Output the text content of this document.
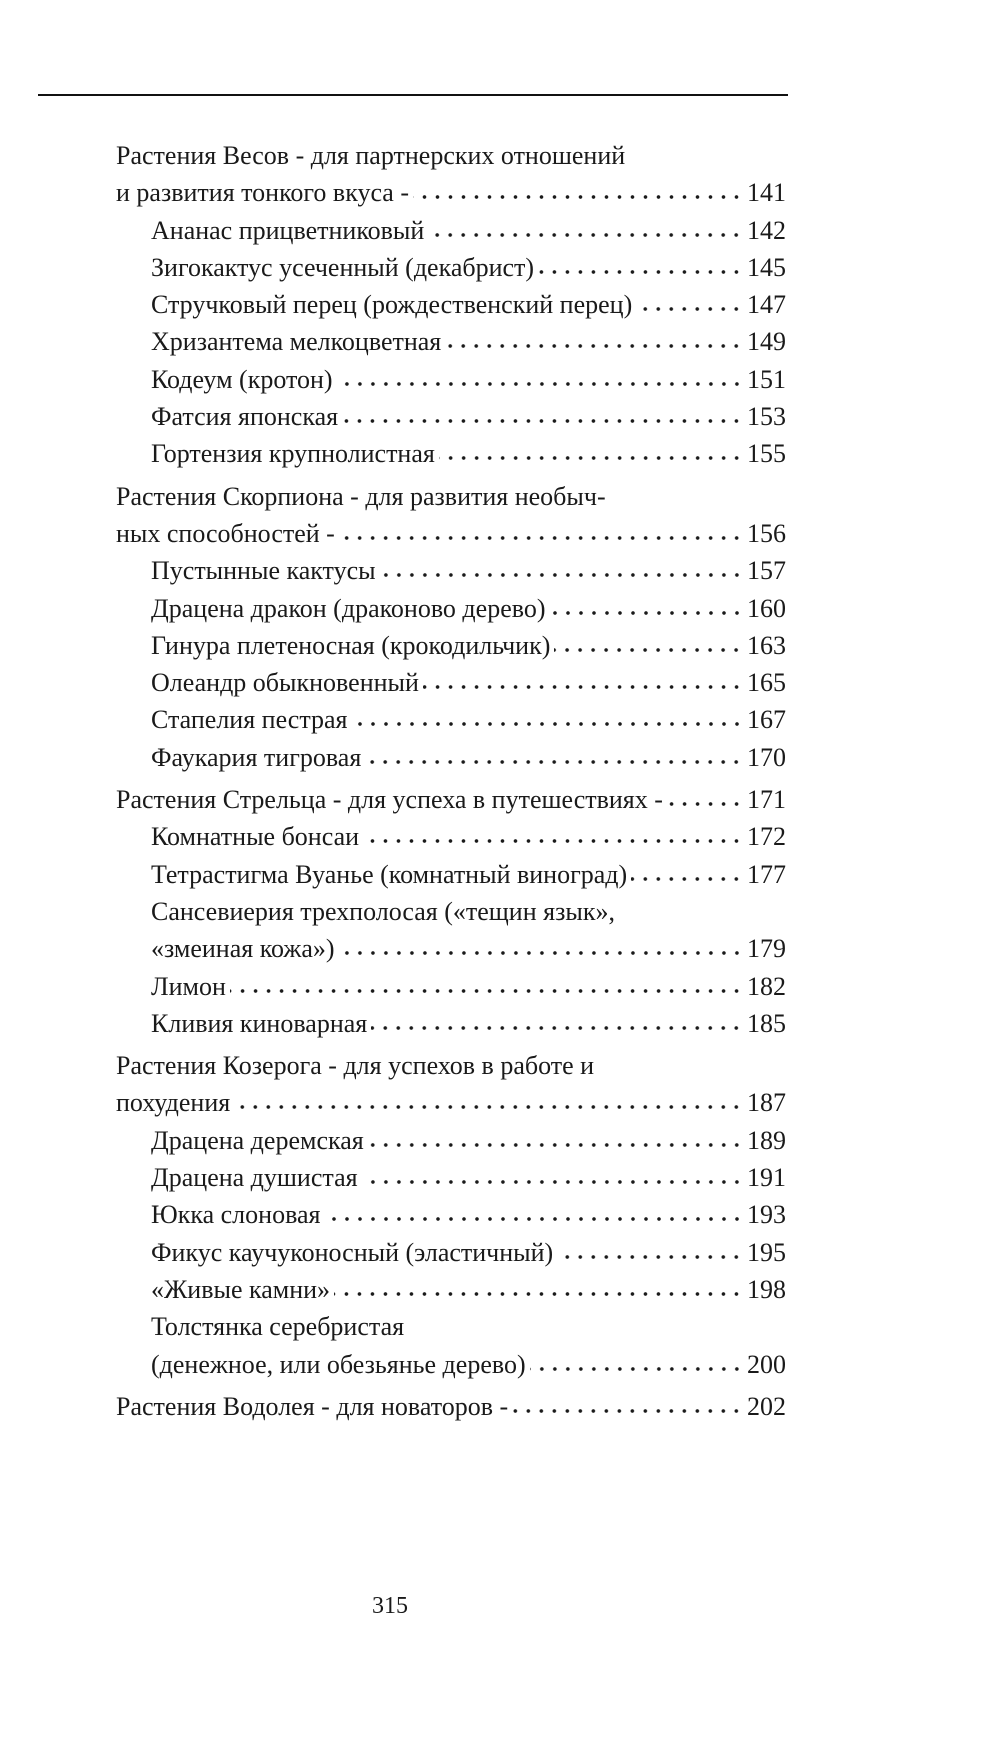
Растения Весов - для партнерских отношений
и развития тонкого вкуса -	141
Ананас прицветниковый	142
Зигокактус усеченный (декабрист)	145
Стручковый перец (рождественский перец)	147
Хризантема мелкоцветная	149
Кодеум (кротон)	151
Фатсия японская	153
Гортензия крупнолистная	155
Растения Скорпиона - для развития необыч-
ных способностей -	156
Пустынные кактусы	157
Драцена дракон (драконово дерево)	160
Гинура плетеносная (крокодильчик)	163
Олеандр обыкновенный	165
Стапелия пестрая	167
Фаукария тигровая	170
Растения Стрельца - для успеха в путешествиях -	171
Комнатные бонсаи	172
Тетрастигма Вуанье (комнатный виноград)	177
Сансевиерия трехполосая («тещин язык»,
«змеиная кожа»)	179
Лимон	182
Кливия киноварная	185
Растения Козерога - для успехов в работе и
похудения	187
Драцена деремская	189
Драцена душистая	191
Юкка слоновая	193
Фикус каучуконосный (эластичный)	195
«Живые камни»	198
Толстянка серебристая
(денежное, или обезьянье дерево)	200
Растения Водолея - для новаторов -	202
315
